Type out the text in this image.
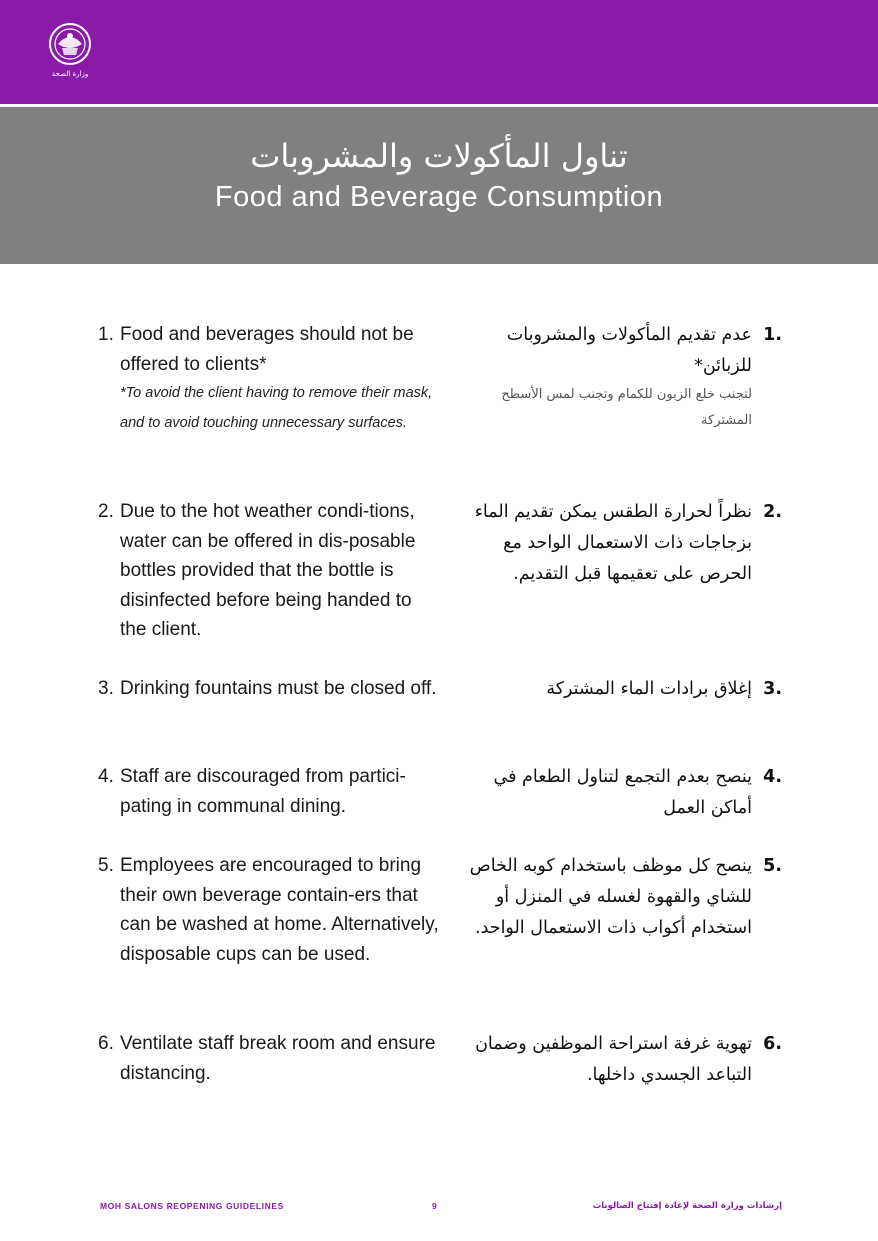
وزارة الصحة
تناول المأكولات والمشروبات
Food and Beverage Consumption
1. Food and beverages should not be offered to clients*
*To avoid the client having to remove their mask, and to avoid touching unnecessary surfaces.
.1
عدم تقديم المأكولات والمشروبات للزبائن*
لتجنب خلع الزبون للكمام وتجنب لمس الأسطح المشتركة
2. Due to the hot weather condi-tions, water can be offered in dis-posable bottles provided that the bottle is disinfected before being handed to the client.
.2
نظراً لحرارة الطقس يمكن تقديم الماء بزجاجات ذات الاستعمال الواحد مع الحرص على تعقيمها قبل التقديم.
3. Drinking fountains must be closed off.	.3
إغلاق برادات الماء المشتركة
4. Staff are discouraged from partici-pating in communal dining.
.4
ينصح بعدم التجمع لتناول الطعام في أماكن العمل
5. Employees are encouraged to bring their own beverage contain-ers that can be washed at home. Alternatively, disposable cups can be used.
.5
ينصح كل موظف باستخدام كوبه الخاص للشاي والقهوة لغسله في المنزل أو استخدام أكواب ذات الاستعمال الواحد.
6. Ventilate staff break room and ensure distancing.
.6
تهوية غرفة استراحة الموظفين وضمان التباعد الجسدي داخلها.
MOH SALONS REOPENING GUIDELINES	9	إرشادات وزارة الصحة لإعادة إفتتاح الصالونات
